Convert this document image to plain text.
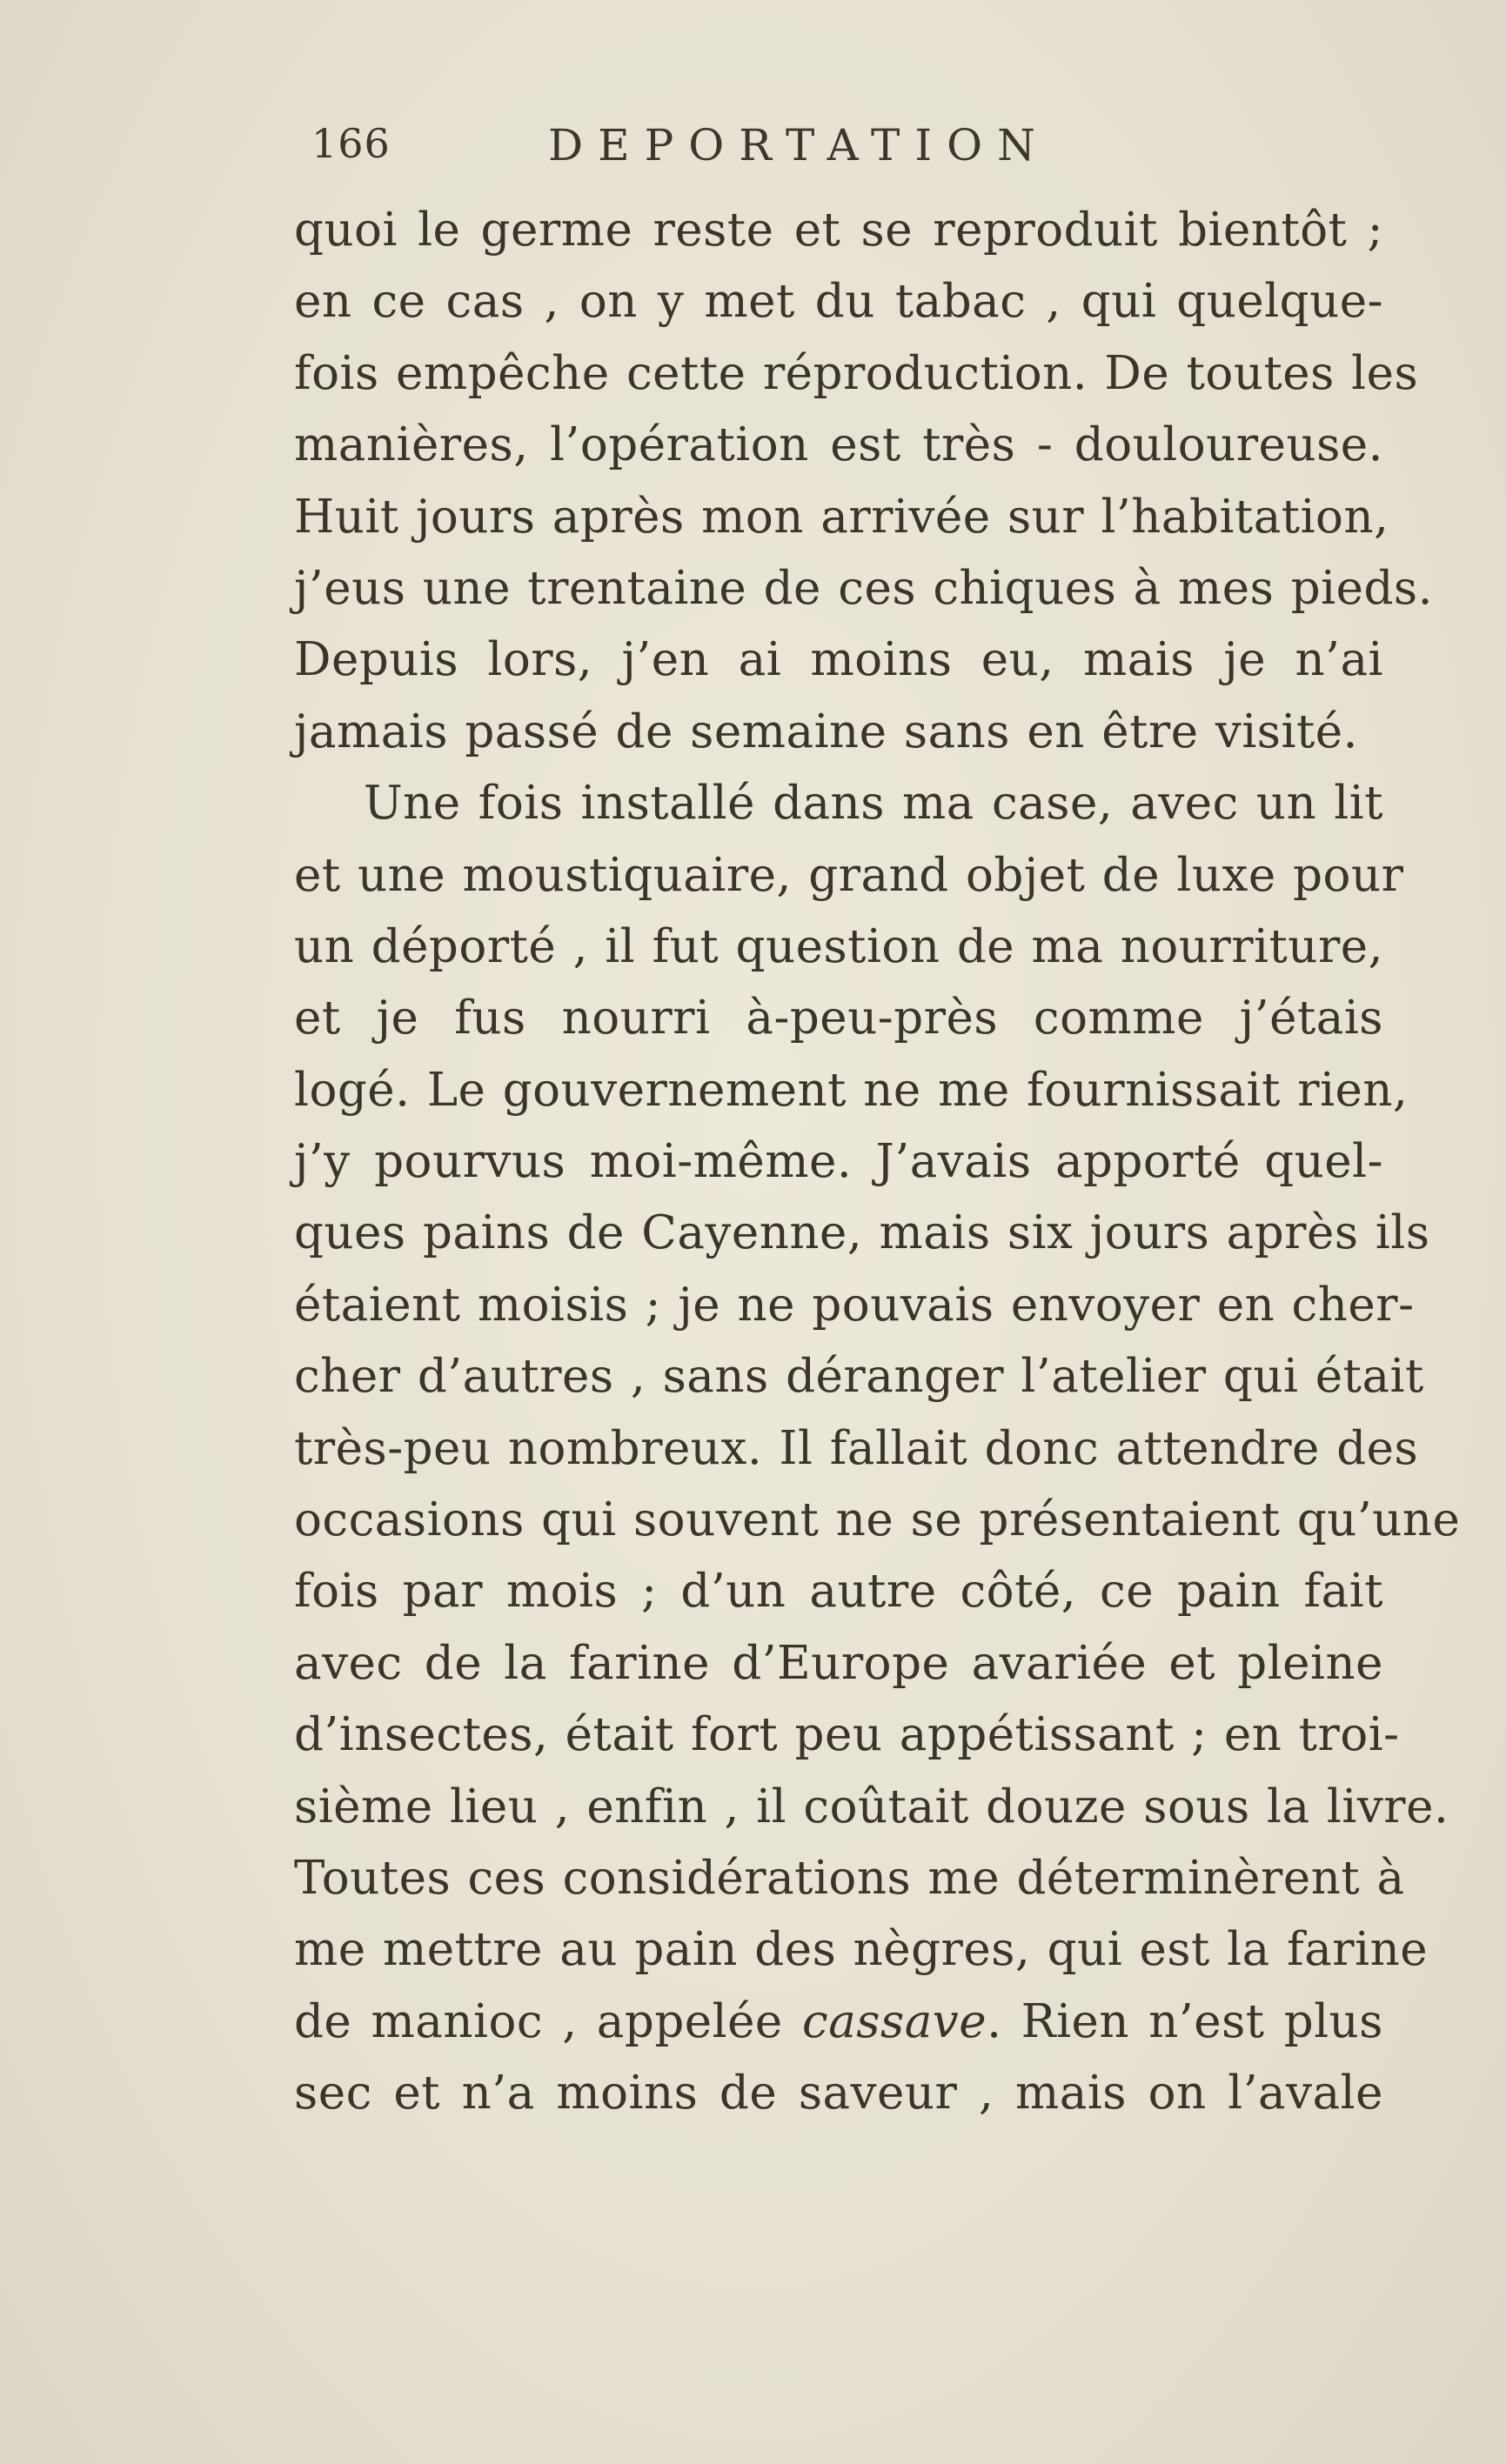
166	DEPORTATION
quoi le germe reste et se reproduit bientôt ;
en ce cas , on y met du tabac , qui quelque-
fois empêche cette réproduction. De toutes les
manières, l’opération est très - douloureuse.
Huit jours après mon arrivée sur l’habitation,
j’eus une trentaine de ces chiques à mes pieds.
Depuis lors, j’en ai moins eu, mais je n’ai
jamais passé de semaine sans en être visité.
Une fois installé dans ma case, avec un lit
et une moustiquaire, grand objet de luxe pour
un déporté , il fut question de ma nourriture,
et je fus nourri à-peu-près comme j’étais
logé. Le gouvernement ne me fournissait rien,
j’y pourvus moi-même. J’avais apporté quel-
ques pains de Cayenne, mais six jours après ils
étaient moisis ; je ne pouvais envoyer en cher-
cher d’autres , sans déranger l’atelier qui était
très-peu nombreux. Il fallait donc attendre des
occasions qui souvent ne se présentaient qu’une
fois par mois ; d’un autre côté, ce pain fait
avec de la farine d’Europe avariée et pleine
d’insectes, était fort peu appétissant ; en troi-
sième lieu , enfin , il coûtait douze sous la livre.
Toutes ces considérations me déterminèrent à
me mettre au pain des nègres, qui est la farine
de manioc , appelée cassave. Rien n’est plus
sec et n’a moins de saveur , mais on l’avale
